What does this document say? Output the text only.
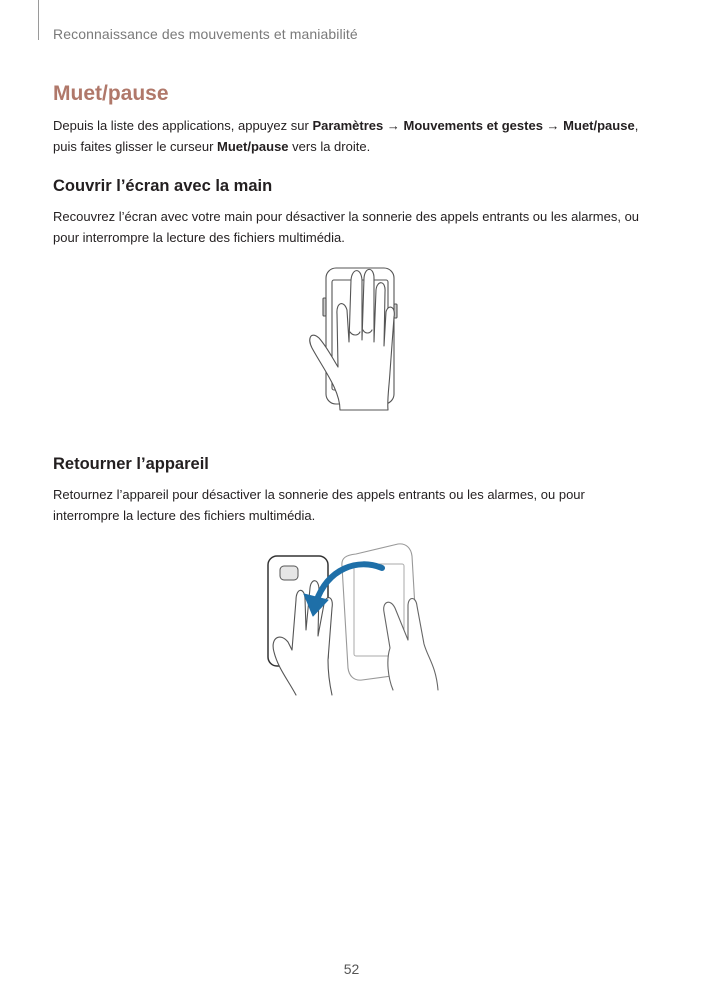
Reconnaissance des mouvements et maniabilité
Muet/pause

Depuis la liste des applications, appuyez sur Paramètres → Mouvements et gestes → Muet/pause,
puis faites glisser le curseur Muet/pause vers la droite.

Couvrir l’écran avec la main

Recouvrez l’écran avec votre main pour désactiver la sonnerie des appels entrants ou les alarmes, ou
pour interrompre la lecture des fichiers multimédia.

Retourner l’appareil

Retournez l’appareil pour désactiver la sonnerie des appels entrants ou les alarmes, ou pour
interrompre la lecture des fichiers multimédia.

52
